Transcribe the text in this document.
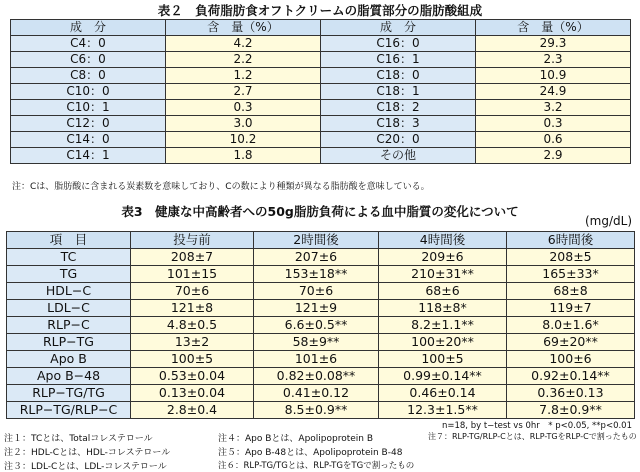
表２　負荷脂肪食オフトクリームの脂質部分の脂肪酸組成
成　分	含　量（%）	成　分	含　量（%）
C4：0	4.2	C16：0	29.3
C6：0	2.2	C16：1	2.3
C8：0	1.2	C18：0	10.9
C10：0	2.7	C18：1	24.9
C10：1	0.3	C18：2	3.2
C12：0	3.0	C18：3	0.3
C14：0	10.2	C20：0	0.6
C14：1	1.8	その他	2.9
注：Cは、脂肪酸に含まれる炭素数を意味しており、Cの数により種類が異なる脂肪酸を意味している。
表3　健康な中高齢者への50g脂肪負荷による血中脂質の変化について
(mg/dL)
項　目	投与前	2時間後	4時間後	6時間後
TC	208±7	207±6	209±6	208±5
TG	101±15	153±18**	210±31**	165±33*
HDL−C	70±6	70±6	68±6	68±8
LDL−C	121±8	121±9	118±8*	119±7
RLP−C	4.8±0.5	6.6±0.5**	8.2±1.1**	8.0±1.6*
RLP−TG	13±2	58±9**	100±20**	69±20**
Apo B	100±5	101±6	100±5	100±6
Apo B−48	0.53±0.04	0.82±0.08**	0.99±0.14**	0.92±0.14**
RLP−TG/TG	0.13±0.04	0.41±0.12	0.46±0.14	0.36±0.13
RLP−TG/RLP−C	2.8±0.4	8.5±0.9**	12.3±1.5**	7.8±0.9**
n=18, by t−test vs 0hr　* p<0.05, **p<0.01
注１：TCとは、Totalコレステロール	注４：Apo Bとは、Apolipoprotein B	注７：RLP-TG/RLP-Cとは、RLP-TGをRLP-Cで割ったもの
注２：HDL-Cとは、HDL-コレステロール	注５：Apo B-48とは、Apolipoprotein B-48
注３：LDL-Cとは、LDL-コレステロール	注６：RLP-TG/TGとは、RLP-TGをTGで割ったもの
